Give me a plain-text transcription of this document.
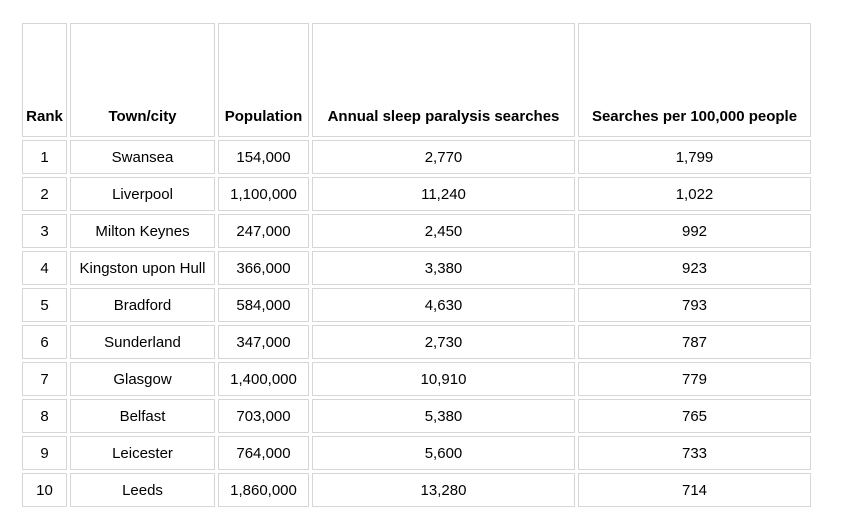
Rank	Town/city	Population	Annual sleep paralysis searches	Searches per 100,000 people
1	Swansea	154,000	2,770	1,799
2	Liverpool	1,100,000	11,240	1,022
3	Milton Keynes	247,000	2,450	992
4	Kingston upon Hull	366,000	3,380	923
5	Bradford	584,000	4,630	793
6	Sunderland	347,000	2,730	787
7	Glasgow	1,400,000	10,910	779
8	Belfast	703,000	5,380	765
9	Leicester	764,000	5,600	733
10	Leeds	1,860,000	13,280	714
